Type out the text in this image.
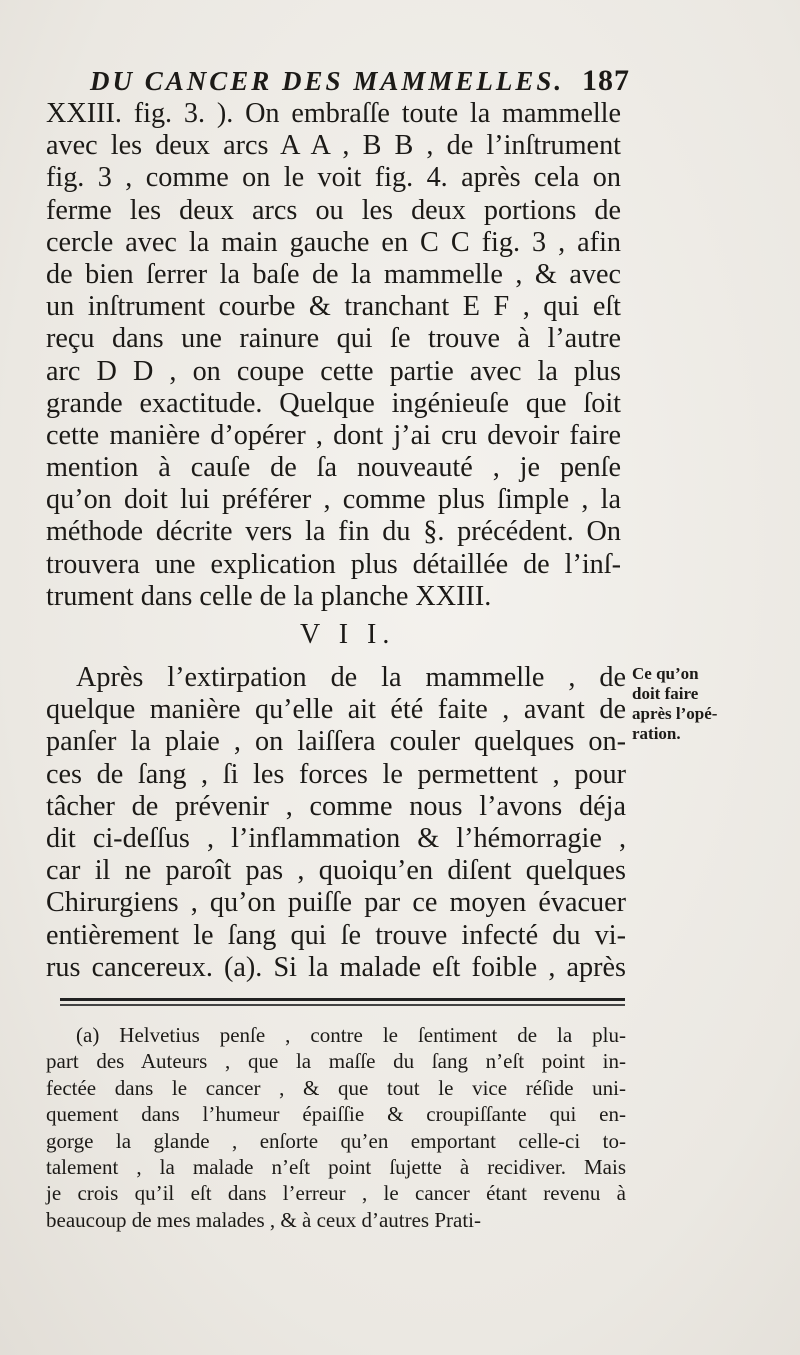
DU CANCER DES MAMMELLES. 187
XXIII. fig. 3. ). On embraſſe toute la mammelle
avec les deux arcs A A , B B , de l’inſtrument
fig. 3 , comme on le voit fig. 4. après cela on
ferme les deux arcs ou les deux portions de
cercle avec la main gauche en C C fig. 3 , afin
de bien ſerrer la baſe de la mammelle , & avec
un inſtrument courbe & tranchant E F , qui eſt
reçu dans une rainure qui ſe trouve à l’autre
arc D D , on coupe cette partie avec la plus
grande exactitude. Quelque ingénieuſe que ſoit
cette manière d’opérer , dont j’ai cru devoir faire
mention à cauſe de ſa nouveauté , je penſe
qu’on doit lui préférer , comme plus ſimple , la
méthode décrite vers la fin du §. précédent. On
trouvera une explication plus détaillée de l’inſ-
trument dans celle de la planche XXIII.
V I I.
Après l’extirpation de la mammelle , de
quelque manière qu’elle ait été faite , avant de
panſer la plaie , on laiſſera couler quelques on-
ces de ſang , ſi les forces le permettent , pour
tâcher de prévenir , comme nous l’avons déja
dit ci-deſſus , l’inflammation & l’hémorragie ,
car il ne paroît pas , quoiqu’en diſent quelques
Chirurgiens , qu’on puiſſe par ce moyen évacuer
entièrement le ſang qui ſe trouve infecté du vi-
rus cancereux. (a). Si la malade eſt foible , après
Ce qu’on
doit faire
après l’opé-
ration.
(a) Helvetius penſe , contre le ſentiment de la plu-
part des Auteurs , que la maſſe du ſang n’eſt point in-
fectée dans le cancer , & que tout le vice réſide uni-
quement dans l’humeur épaiſſie & croupiſſante qui en-
gorge la glande , enſorte qu’en emportant celle-ci to-
talement , la malade n’eſt point ſujette à recidiver. Mais
je crois qu’il eſt dans l’erreur , le cancer étant revenu à
beaucoup de mes malades , & à ceux d’autres Prati-
